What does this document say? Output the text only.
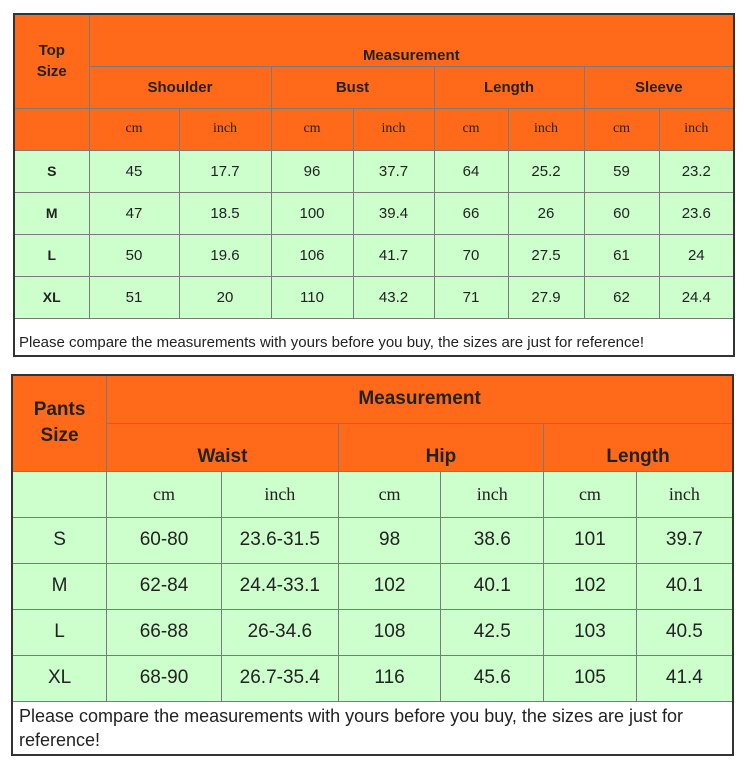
Top
Size	Measurement							
	Shoulder		Bust		Length		Sleeve	
	cm	inch	cm	inch	cm	inch	cm	inch
S	45	17.7	96	37.7	64	25.2	59	23.2
M	47	18.5	100	39.4	66	26	60	23.6
L	50	19.6	106	41.7	70	27.5	61	24
XL	51	20	110	43.2	71	27.9	62	24.4
Please compare the measurements with yours before you buy, the sizes are just for reference!								
Pants
Size	Measurement					
	Waist		Hip		Length	
	cm	inch	cm	inch	cm	inch
S	60-80	23.6-31.5	98	38.6	101	39.7
M	62-84	24.4-33.1	102	40.1	102	40.1
L	66-88	26-34.6	108	42.5	103	40.5
XL	68-90	26.7-35.4	116	45.6	105	41.4
Please compare the measurements with yours before you buy, the sizes are just for reference!						
